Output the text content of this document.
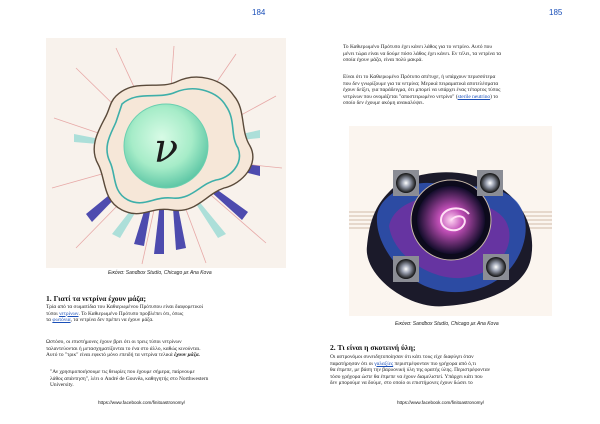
184	185
ν
Εικόνα: Sandbox Studio, Chicago με Ana Kova
1. Γιατί τα νετρίνα έχουν μάζα;
Τρία από τα σωματίδια του Καθιερωμένου Πρότυπου είναι διαφορετικοί
τύποι νετρίνων. Το Καθιερωμένο Πρότυπο προβλέπει ότι, όπως
τα φωτόνια, τα νετρίνα δεν πρέπει να έχουν μάζα.
Ωστόσο, οι επιστήμονες έχουν βρει ότι οι τρεις τύποι νετρίνων
ταλαντεύονται ή μετασχηματίζονται το ένα στο άλλο, καθώς κινούνται.
Αυτό το "τρικ" είναι εφικτό μόνο επειδή τα νετρίνα τελικά έχουν μάζα.
"Αν χρησιμοποιήσουμε τις θεωρίες που έχουμε σήμερα, παίρνουμε
λάθος απάντηση", λέει ο André de Gouvêa, καθηγητής στο Northwestern
University.
https://www.facebook.com/finitoastronomy/
Το Καθιερωμένο Πρότυπο έχει κάνει λάθος για το νετρίνο. Αυτό που
μένει τώρα είναι να δούμε πόσο λάθος έχει κάνει. Εν τέλει, τα νετρίνα τα
οποία έχουν μάζα, είναι πολύ μακρά.
Είναι ότι το Καθιερωμένο Πρότυπο απέτυχε, ή υπάρχουν περισσότερα
που δεν γνωρίζουμε για τα νετρίνα; Μερικά πειραματικά αποτελέσματα
έχουν δείξει, για παράδειγμα, ότι μπορεί να υπάρχει ένας τέταρτος τύπος
νετρίνων που ονομάζεται "αποστειρωμένο νετρίνο" (sterile neutrino) το
οποίο δεν έχουμε ακόμη ανακαλύψει.
Εικόνα: Sandbox Studio, Chicago με Ana Kova
2. Τι είναι η σκοτεινή ύλη;
Οι αστρονόμοι συνειδητοποίησαν ότι κάτι τους είχε διαφύγει όταν
παρατήρησαν ότι οι γαλαξίες περιστρέφονταν πιο γρήγορα από ό,τι
θα έπρεπε, με βάση την βαρυονική ύλη της ορατής ύλης. Περιστρέφονταν
τόσο γρήγορα ώστε θα έπρεπε να έχουν διαμελιστεί. Υπάρχει κάτι που
δεν μπορούμε να δούμε, στο οποίο οι επιστήμονες έχουν δώσει το
https://www.facebook.com/finitoastronomy/
